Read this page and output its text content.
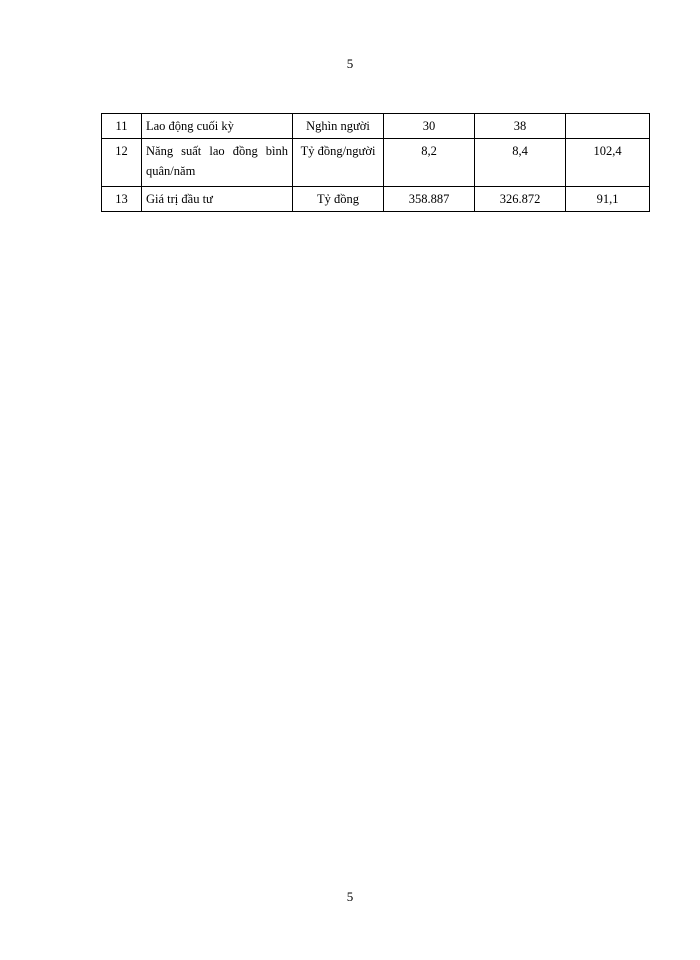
5
11	Lao động cuối kỳ	Nghìn người	30	38	
12	Năng suất lao đồng bình quân/năm	Tỷ đồng/người	8,2	8,4	102,4
13	Giá trị đầu tư	Tỷ đồng	358.887	326.872	91,1
5
